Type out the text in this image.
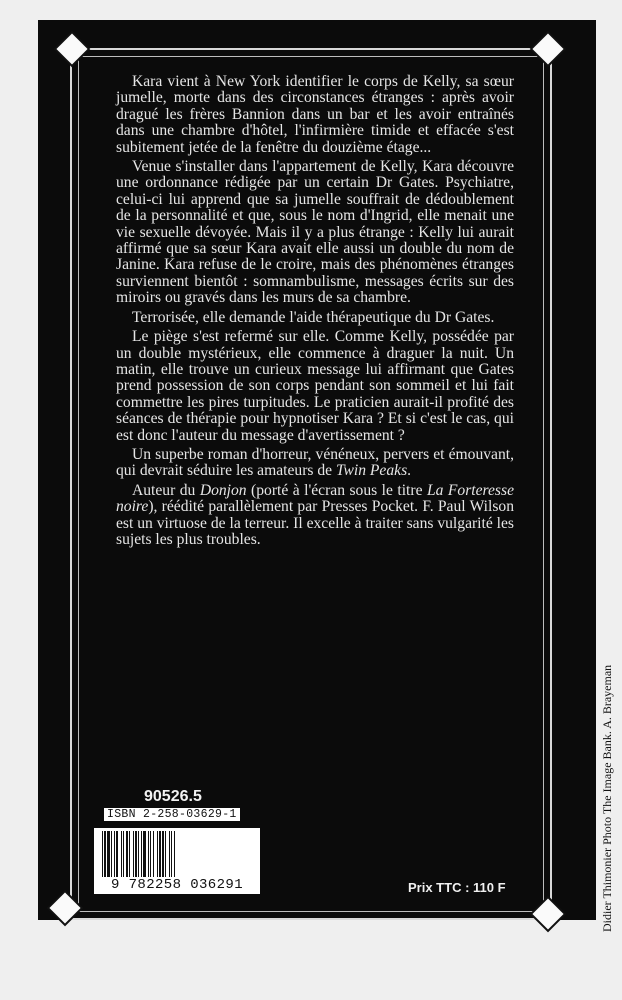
Kara vient à New York identifier le corps de Kelly, sa sœur jumelle, morte dans des circonstances étranges : après avoir dragué les frères Bannion dans un bar et les avoir entraînés dans une chambre d'hôtel, l'infirmière timide et effacée s'est subitement jetée de la fenêtre du douzième étage...

Venue s'installer dans l'appartement de Kelly, Kara découvre une ordonnance rédigée par un certain Dr Gates. Psychiatre, celui-ci lui apprend que sa jumelle souffrait de dédoublement de la personnalité et que, sous le nom d'Ingrid, elle menait une vie sexuelle dévoyée. Mais il y a plus étrange : Kelly lui aurait affirmé que sa sœur Kara avait elle aussi un double du nom de Janine. Kara refuse de le croire, mais des phénomènes étranges surviennent bientôt : somnambulisme, messages écrits sur des miroirs ou gravés dans les murs de sa chambre.

Terrorisée, elle demande l'aide thérapeutique du Dr Gates.

Le piège s'est refermé sur elle. Comme Kelly, possédée par un double mystérieux, elle commence à draguer la nuit. Un matin, elle trouve un curieux message lui affirmant que Gates prend possession de son corps pendant son sommeil et lui fait commettre les pires turpitudes. Le praticien aurait-il profité des séances de thérapie pour hypnotiser Kara ? Et si c'est le cas, qui est donc l'auteur du message d'avertissement ?

Un superbe roman d'horreur, vénéneux, pervers et émouvant, qui devrait séduire les amateurs de Twin Peaks.

Auteur du Donjon (porté à l'écran sous le titre La Forteresse noire), réédité parallèlement par Presses Pocket. F. Paul Wilson est un virtuose de la terreur. Il excelle à traiter sans vulgarité les sujets les plus troubles.

90526.5
ISBN 2-258-03629-1
9 782258 036291	Prix TTC : 110 F	Didier Thimonier Photo The Image Bank. A. Brayeman
